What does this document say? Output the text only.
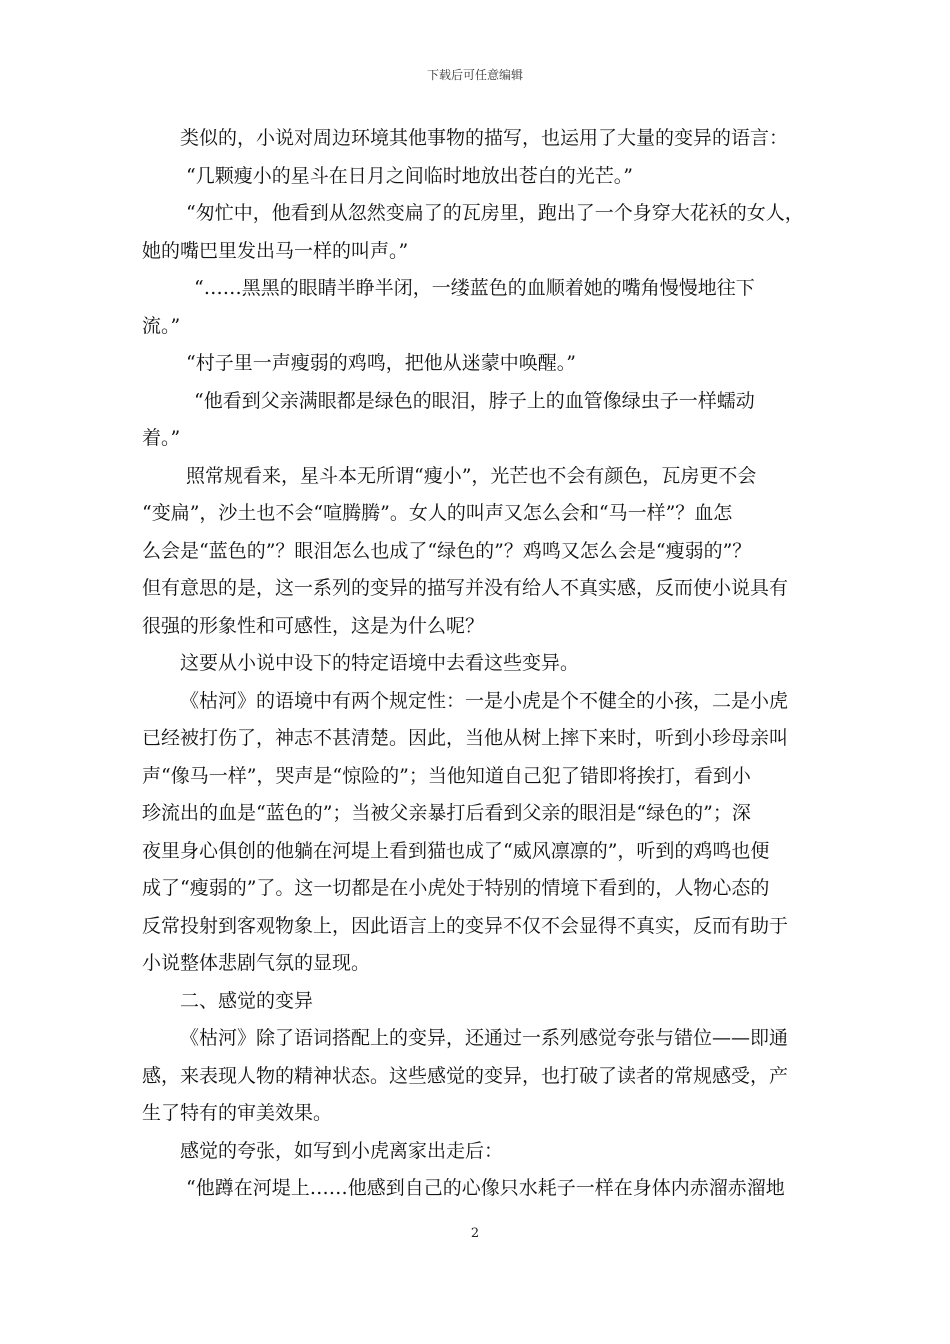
下载后可任意编辑
类似的，小说对周边环境其他事物的描写，也运用了大量的变异的语言：
“几颗瘦小的星斗在日月之间临时地放出苍白的光芒。”
“匆忙中，他看到从忽然变扁了的瓦房里，跑出了一个身穿大花袄的女人，
她的嘴巴里发出马一样的叫声。”
“……黑黑的眼睛半睁半闭，一缕蓝色的血顺着她的嘴角慢慢地往下
流。”
“村子里一声瘦弱的鸡鸣，把他从迷蒙中唤醒。”
“他看到父亲满眼都是绿色的眼泪，脖子上的血管像绿虫子一样蠕动
着。”
照常规看来，星斗本无所谓“瘦小”，光芒也不会有颜色，瓦房更不会
“变扁”，沙土也不会“喧腾腾”。女人的叫声又怎么会和“马一样”？血怎
么会是“蓝色的”？眼泪怎么也成了“绿色的”？鸡鸣又怎么会是“瘦弱的”？
但有意思的是，这一系列的变异的描写并没有给人不真实感，反而使小说具有
很强的形象性和可感性，这是为什么呢？
这要从小说中设下的特定语境中去看这些变异。
《枯河》的语境中有两个规定性：一是小虎是个不健全的小孩，二是小虎
已经被打伤了，神志不甚清楚。因此，当他从树上摔下来时，听到小珍母亲叫
声“像马一样”，哭声是“惊险的”；当他知道自己犯了错即将挨打，看到小
珍流出的血是“蓝色的”；当被父亲暴打后看到父亲的眼泪是“绿色的”；深
夜里身心俱创的他躺在河堤上看到猫也成了“威风凛凛的”，听到的鸡鸣也便
成了“瘦弱的”了。这一切都是在小虎处于特别的情境下看到的，人物心态的
反常投射到客观物象上，因此语言上的变异不仅不会显得不真实，反而有助于
小说整体悲剧气氛的显现。
二、感觉的变异
《枯河》除了语词搭配上的变异，还通过一系列感觉夸张与错位——即通
感，来表现人物的精神状态。这些感觉的变异，也打破了读者的常规感受，产
生了特有的审美效果。
感觉的夸张，如写到小虎离家出走后：
“他蹲在河堤上……他感到自己的心像只水耗子一样在身体内赤溜赤溜地
2
